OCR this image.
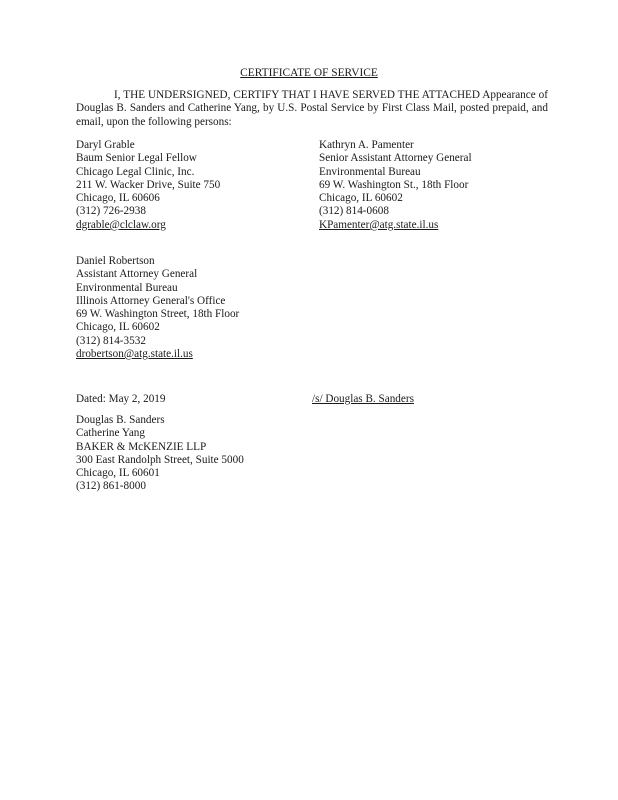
CERTIFICATE OF SERVICE
I, THE UNDERSIGNED, CERTIFY THAT I HAVE SERVED THE ATTACHED Appearance of Douglas B. Sanders and Catherine Yang, by U.S. Postal Service by First Class Mail, posted prepaid, and email, upon the following persons:
Daryl Grable
Baum Senior Legal Fellow
Chicago Legal Clinic, Inc.
211 W. Wacker Drive, Suite 750
Chicago, IL 60606
(312) 726-2938
dgrable@clclaw.org
Kathryn A. Pamenter
Senior Assistant Attorney General
Environmental Bureau
69 W. Washington St., 18th Floor
Chicago, IL 60602
(312) 814-0608
KPamenter@atg.state.il.us
Daniel Robertson
Assistant Attorney General
Environmental Bureau
Illinois Attorney General's Office
69 W. Washington Street, 18th Floor
Chicago, IL 60602
(312) 814-3532
drobertson@atg.state.il.us
Dated: May 2, 2019	/s/ Douglas B. Sanders
Douglas B. Sanders
Catherine Yang
BAKER & McKENZIE LLP
300 East Randolph Street, Suite 5000
Chicago, IL 60601
(312) 861-8000
